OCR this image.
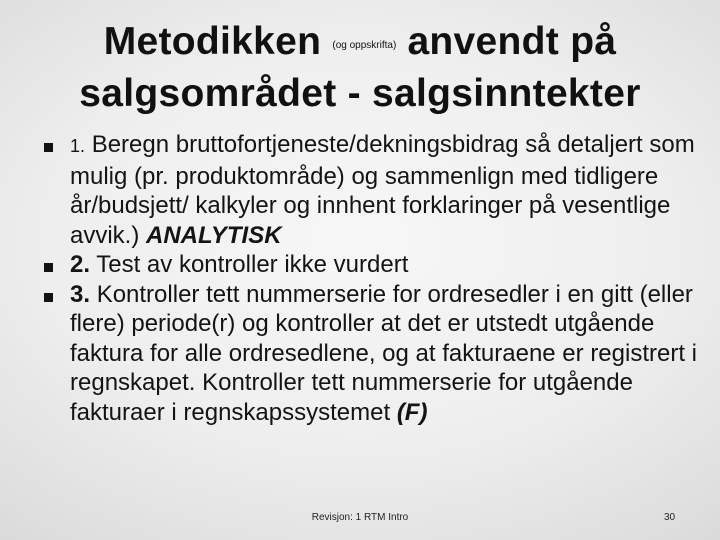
Metodikken (og oppskrifta) anvendt på
salgsområdet - salgsinntekter
1. Beregn bruttofortjeneste/dekningsbidrag så detaljert som mulig (pr. produktområde) og sammenlign med tidligere år/budsjett/ kalkyler og innhent forklaringer på vesentlige avvik.) ANALYTISK
2. Test av kontroller ikke vurdert
3. Kontroller tett nummerserie for ordresedler i en gitt (eller flere) periode(r) og kontroller at det er utstedt utgående faktura for alle ordresedlene, og at fakturaene er registrert i regnskapet. Kontroller tett nummerserie for utgående fakturaer i regnskapssystemet (F)
Revisjon: 1 RTM Intro	30
